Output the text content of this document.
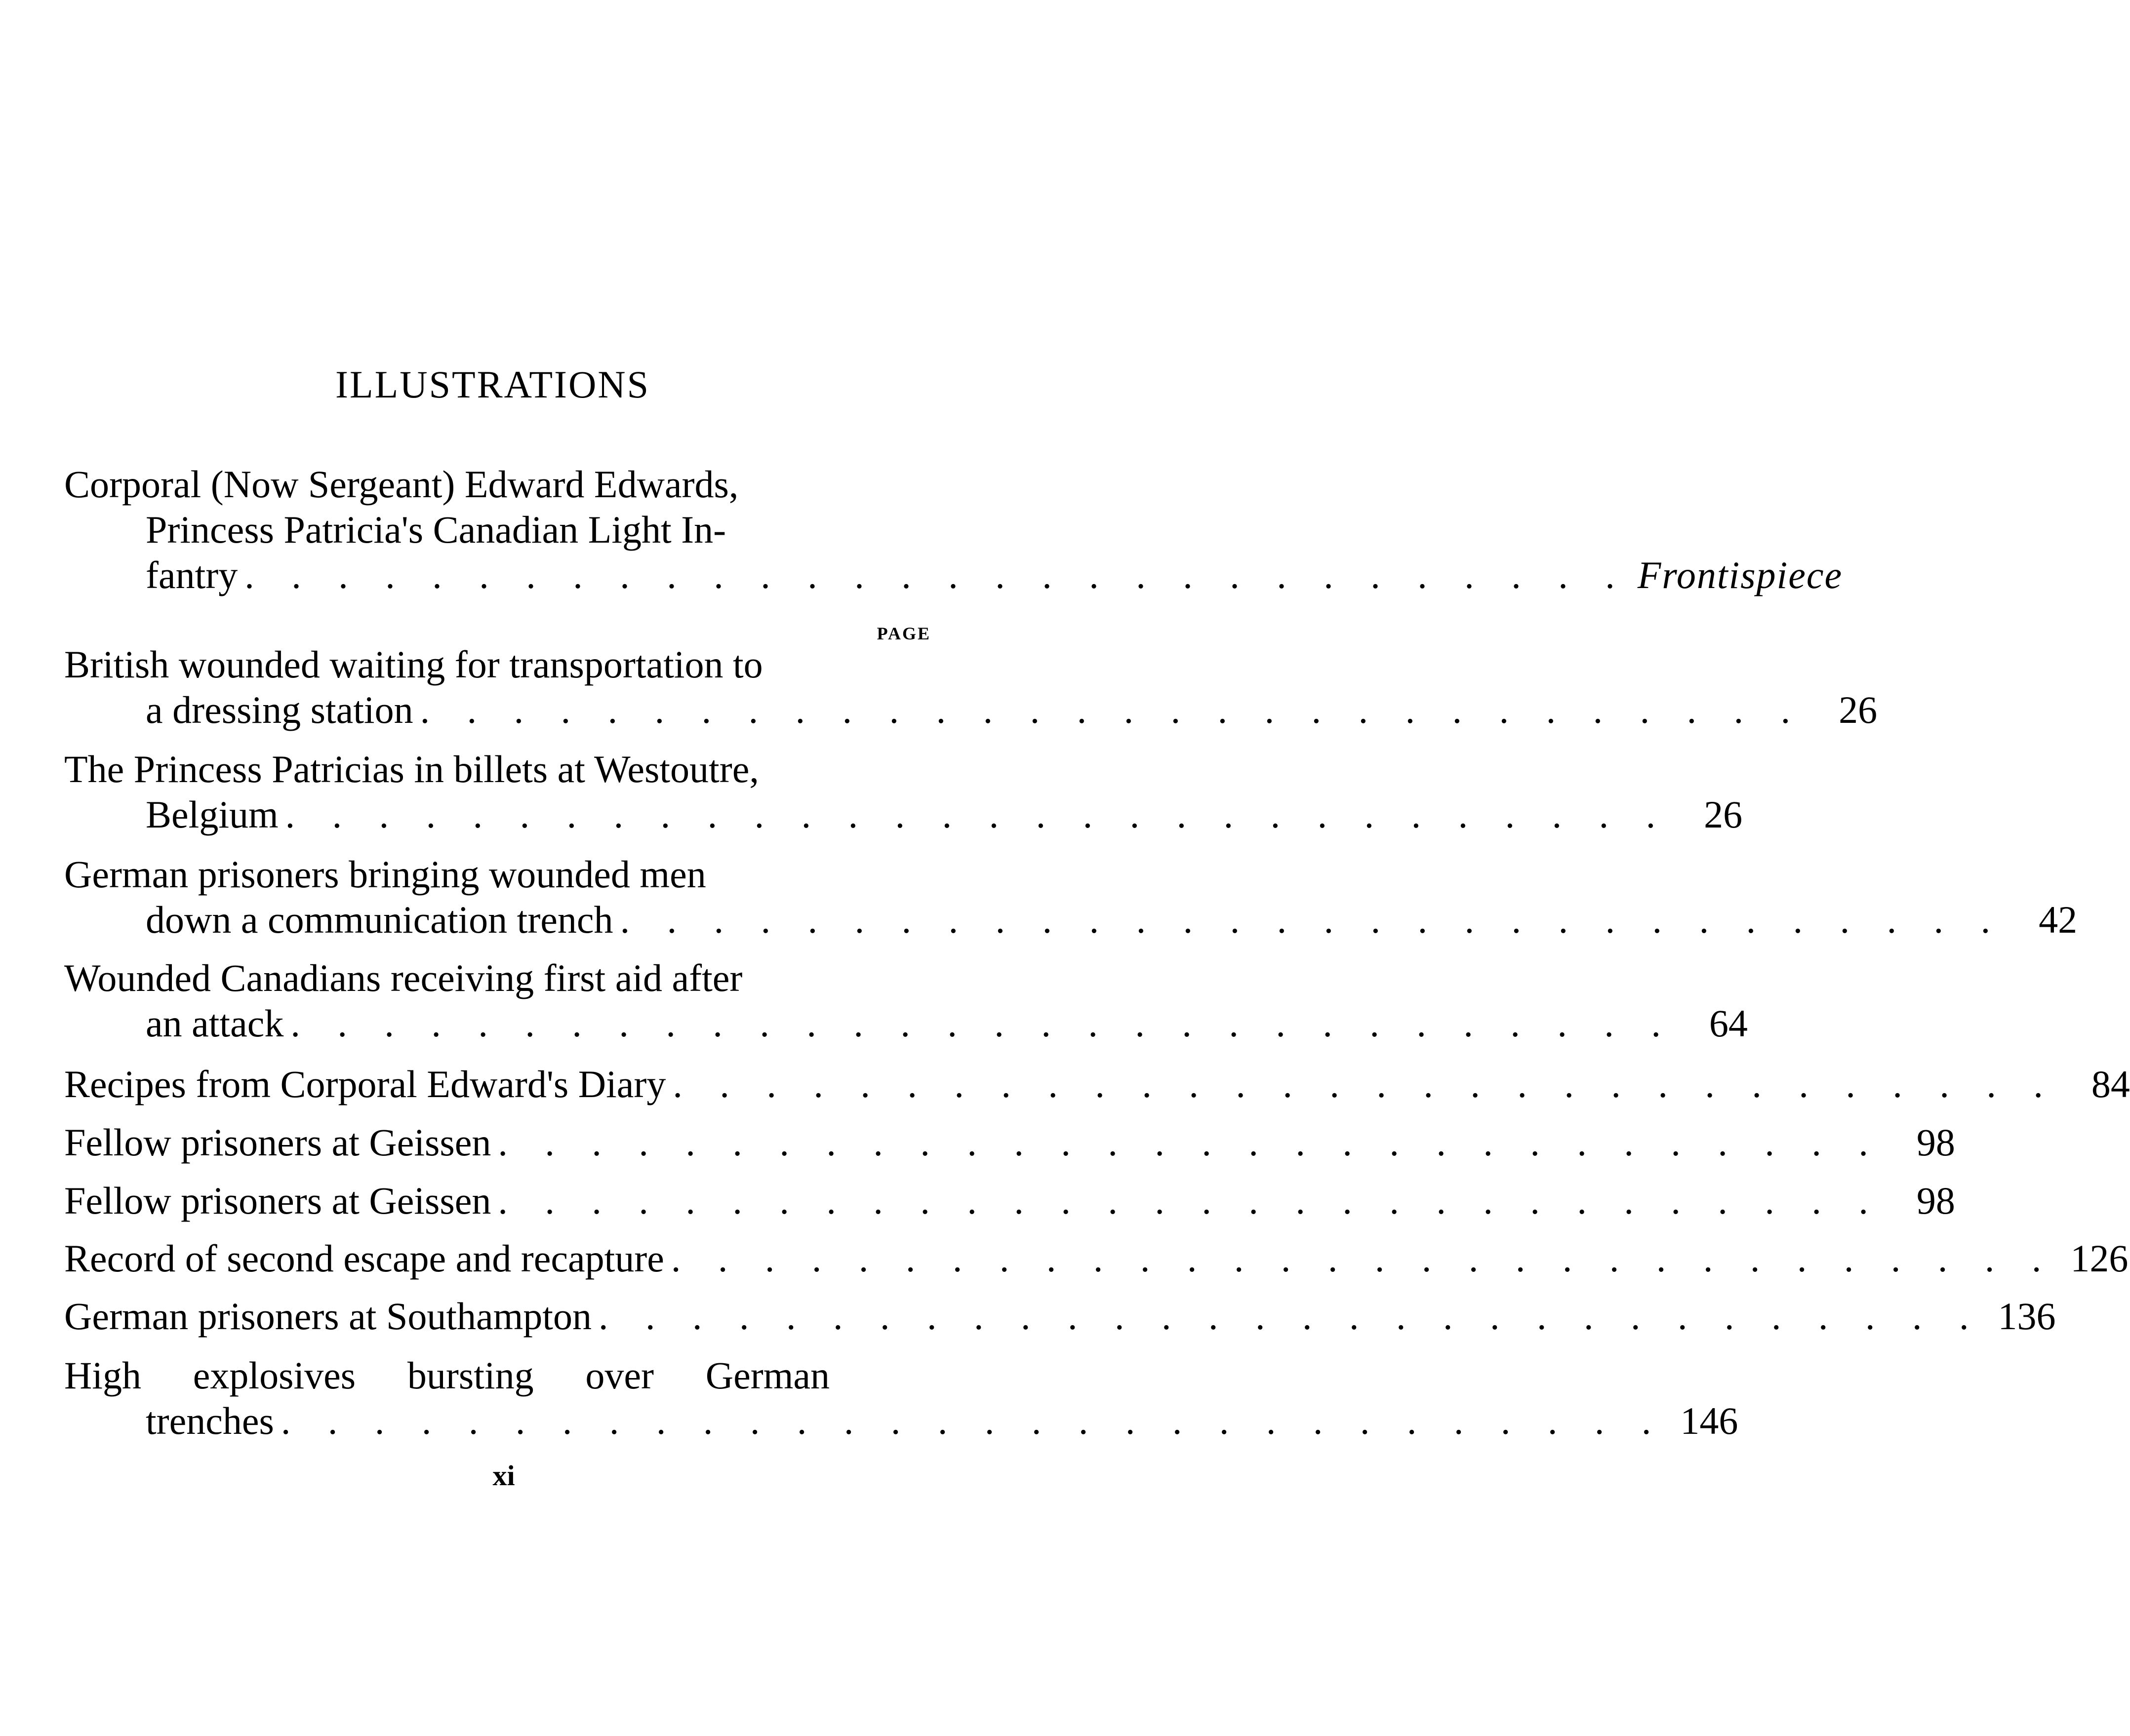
ILLUSTRATIONS
Corporal (Now Sergeant) Edward Edwards,
Princess Patricia's Canadian Light In-
fantry . . . . . . . . . . . . . . . . . . . . . . . . . . . . . . Frontispiece
PAGE
British wounded waiting for transportation to
a dressing station . . . . . . . . . . . . . . . . . . . . . . . . . . . . . . 26
The Princess Patricias in billets at Westoutre,
Belgium . . . . . . . . . . . . . . . . . . . . . . . . . . . . . . 26
German prisoners bringing wounded men
down a communication trench . . . . . . . . . . . . . . . . . . . . . . . . . . . . . . 42
Wounded Canadians receiving first aid after
an attack . . . . . . . . . . . . . . . . . . . . . . . . . . . . . . 64
Recipes from Corporal Edward's Diary . . . . . . . . . . . . . . . . . . . . . . . . . . . . . . 84
Fellow prisoners at Geissen . . . . . . . . . . . . . . . . . . . . . . . . . . . . . . 98
Fellow prisoners at Geissen . . . . . . . . . . . . . . . . . . . . . . . . . . . . . . 98
Record of second escape and recapture . . . . . . . . . . . . . . . . . . . . . . . . . . . . . . 126
German prisoners at Southampton . . . . . . . . . . . . . . . . . . . . . . . . . . . . . . 136
High explosives bursting over German
trenches . . . . . . . . . . . . . . . . . . . . . . . . . . . . . . 146
xi
